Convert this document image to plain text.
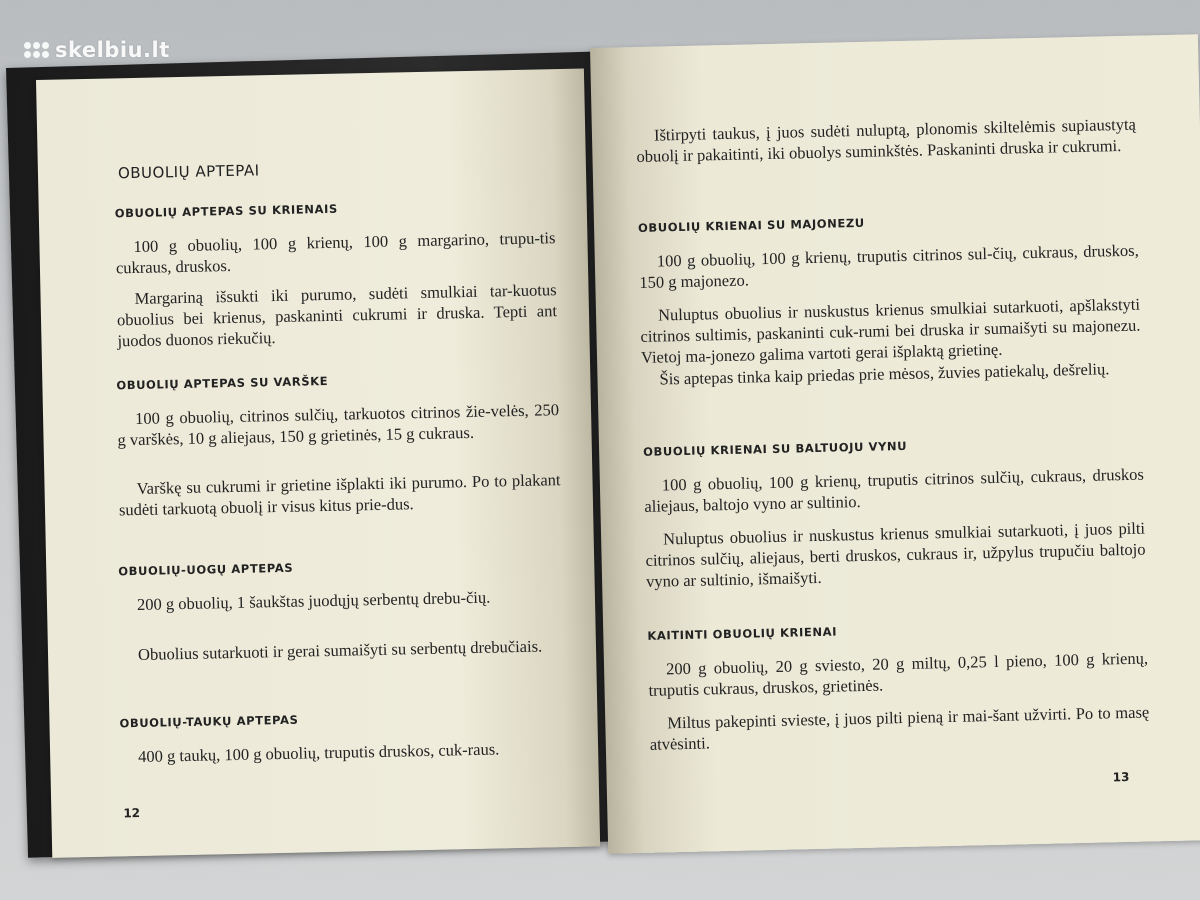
skelbiu.lt

OBUOLIŲ APTEPAI

OBUOLIŲ APTEPAS SU KRIENAIS

100 g obuolių, 100 g krienų, 100 g margarino, trupu-tis cukraus, druskos.

Margariną išsukti iki purumo, sudėti smulkiai tar-kuotus obuolius bei krienus, paskaninti cukrumi ir druska. Tepti ant juodos duonos riekučių.

OBUOLIŲ APTEPAS SU VARŠKE

100 g obuolių, citrinos sulčių, tarkuotos citrinos žie-velės, 250 g varškės, 10 g aliejaus, 150 g grietinės, 15 g cukraus.

Varškę su cukrumi ir grietine išplakti iki purumo. Po to plakant sudėti tarkuotą obuolį ir visus kitus prie-dus.

OBUOLIŲ-UOGŲ APTEPAS

200 g obuolių, 1 šaukštas juodųjų serbentų drebu-čių.

Obuolius sutarkuoti ir gerai sumaišyti su serbentų drebučiais.

OBUOLIŲ-TAUKŲ APTEPAS

400 g taukų, 100 g obuolių, truputis druskos, cuk-raus.

12

Ištirpyti taukus, į juos sudėti nuluptą, plonomis skiltelėmis supiaustytą obuolį ir pakaitinti, iki obuolys suminkštės. Paskaninti druska ir cukrumi.

OBUOLIŲ KRIENAI SU MAJONEZU

100 g obuolių, 100 g krienų, truputis citrinos sul-čių, cukraus, druskos, 150 g majonezo.

Nuluptus obuolius ir nuskustus krienus smulkiai sutarkuoti, apšlakstyti citrinos sultimis, paskaninti cuk-rumi bei druska ir sumaišyti su majonezu. Vietoj ma-jonezo galima vartoti gerai išplaktą grietinę.

Šis aptepas tinka kaip priedas prie mėsos, žuvies patiekalų, dešrelių.

OBUOLIŲ KRIENAI SU BALTUOJU VYNU

100 g obuolių, 100 g krienų, truputis citrinos sulčių, cukraus, druskos aliejaus, baltojo vyno ar sultinio.

Nuluptus obuolius ir nuskustus krienus smulkiai sutarkuoti, į juos pilti citrinos sulčių, aliejaus, berti druskos, cukraus ir, užpylus trupučiu baltojo vyno ar sultinio, išmaišyti.

KAITINTI OBUOLIŲ KRIENAI

200 g obuolių, 20 g sviesto, 20 g miltų, 0,25 l pieno, 100 g krienų, truputis cukraus, druskos, grietinės.

Miltus pakepinti svieste, į juos pilti pieną ir mai-šant užvirti. Po to masę atvėsinti.

13
